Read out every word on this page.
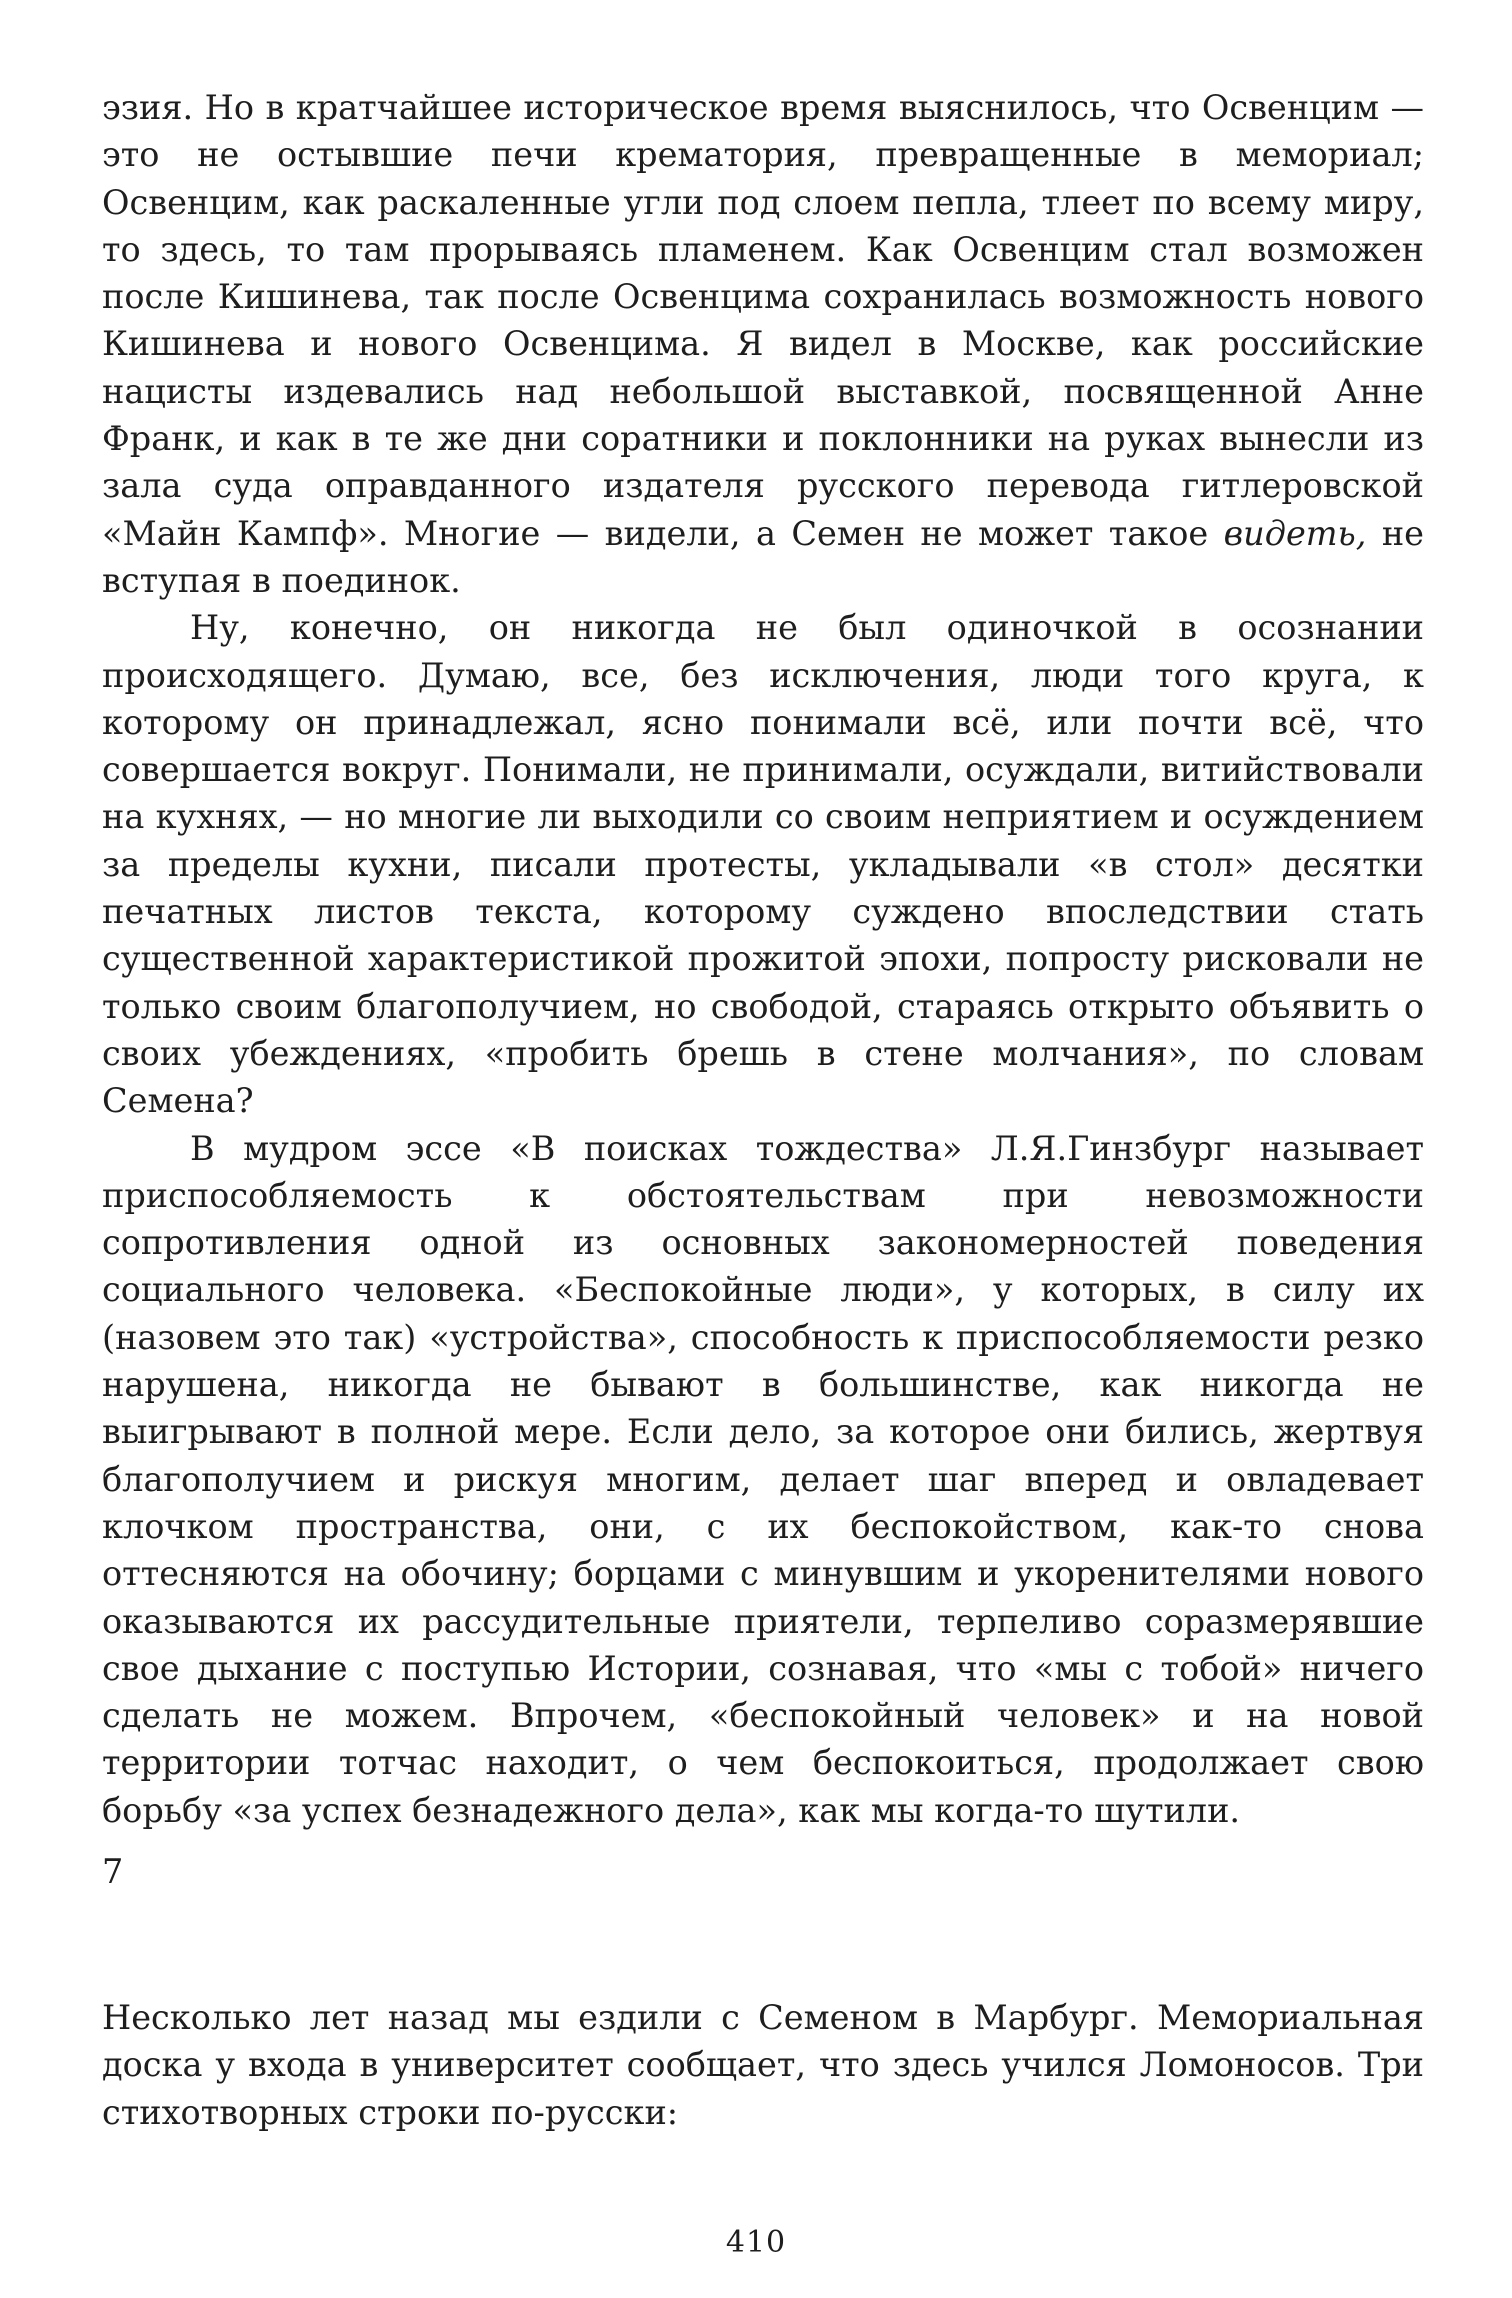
эзия. Но в кратчайшее историческое время выяснилось, что Освенцим — это не остывшие печи крематория, превращенные в мемориал; Освенцим, как раскаленные угли под слоем пепла, тлеет по всему миру, то здесь, то там прорываясь пламенем. Как Освенцим стал возможен после Кишинева, так после Освенцима сохранилась возможность нового Кишинева и нового Освенцима. Я видел в Москве, как российские нацисты издевались над небольшой выставкой, посвященной Анне Франк, и как в те же дни соратники и поклонники на руках вынесли из зала суда оправданного издателя русского перевода гитлеровской «Майн Кампф». Многие — видели, а Семен не может такое видеть, не вступая в поединок.

Ну, конечно, он никогда не был одиночкой в осознании происходящего. Думаю, все, без исключения, люди того круга, к которому он принадлежал, ясно понимали всё, или почти всё, что совершается вокруг. Понимали, не принимали, осуждали, витийствовали на кухнях, — но многие ли выходили со своим неприятием и осуждением за пределы кухни, писали протесты, укладывали «в стол» десятки печатных листов текста, которому суждено впоследствии стать существенной характеристикой прожитой эпохи, попросту рисковали не только своим благополучием, но свободой, стараясь открыто объявить о своих убеждениях, «пробить брешь в стене молчания», по словам Семена?

В мудром эссе «В поисках тождества» Л.Я.Гинзбург называет приспособляемость к обстоятельствам при невозможности сопротивления одной из основных закономерностей поведения социального человека. «Беспокойные люди», у которых, в силу их (назовем это так) «устройства», способность к приспособляемости резко нарушена, никогда не бывают в большинстве, как никогда не выигрывают в полной мере. Если дело, за которое они бились, жертвуя благополучием и рискуя многим, делает шаг вперед и овладевает клочком пространства, они, с их беспокойством, как-то снова оттесняются на обочину; борцами с минувшим и укоренителями нового оказываются их рассудительные приятели, терпеливо соразмерявшие свое дыхание с поступью Истории, сознавая, что «мы с тобой» ничего сделать не можем. Впрочем, «беспокойный человек» и на новой территории тотчас находит, о чем беспокоиться, продолжает свою борьбу «за успех безнадежного дела», как мы когда-то шутили.

7

Несколько лет назад мы ездили с Семеном в Марбург. Мемориальная доска у входа в университет сообщает, что здесь учился Ломоносов. Три стихотворных строки по-русски:

410
